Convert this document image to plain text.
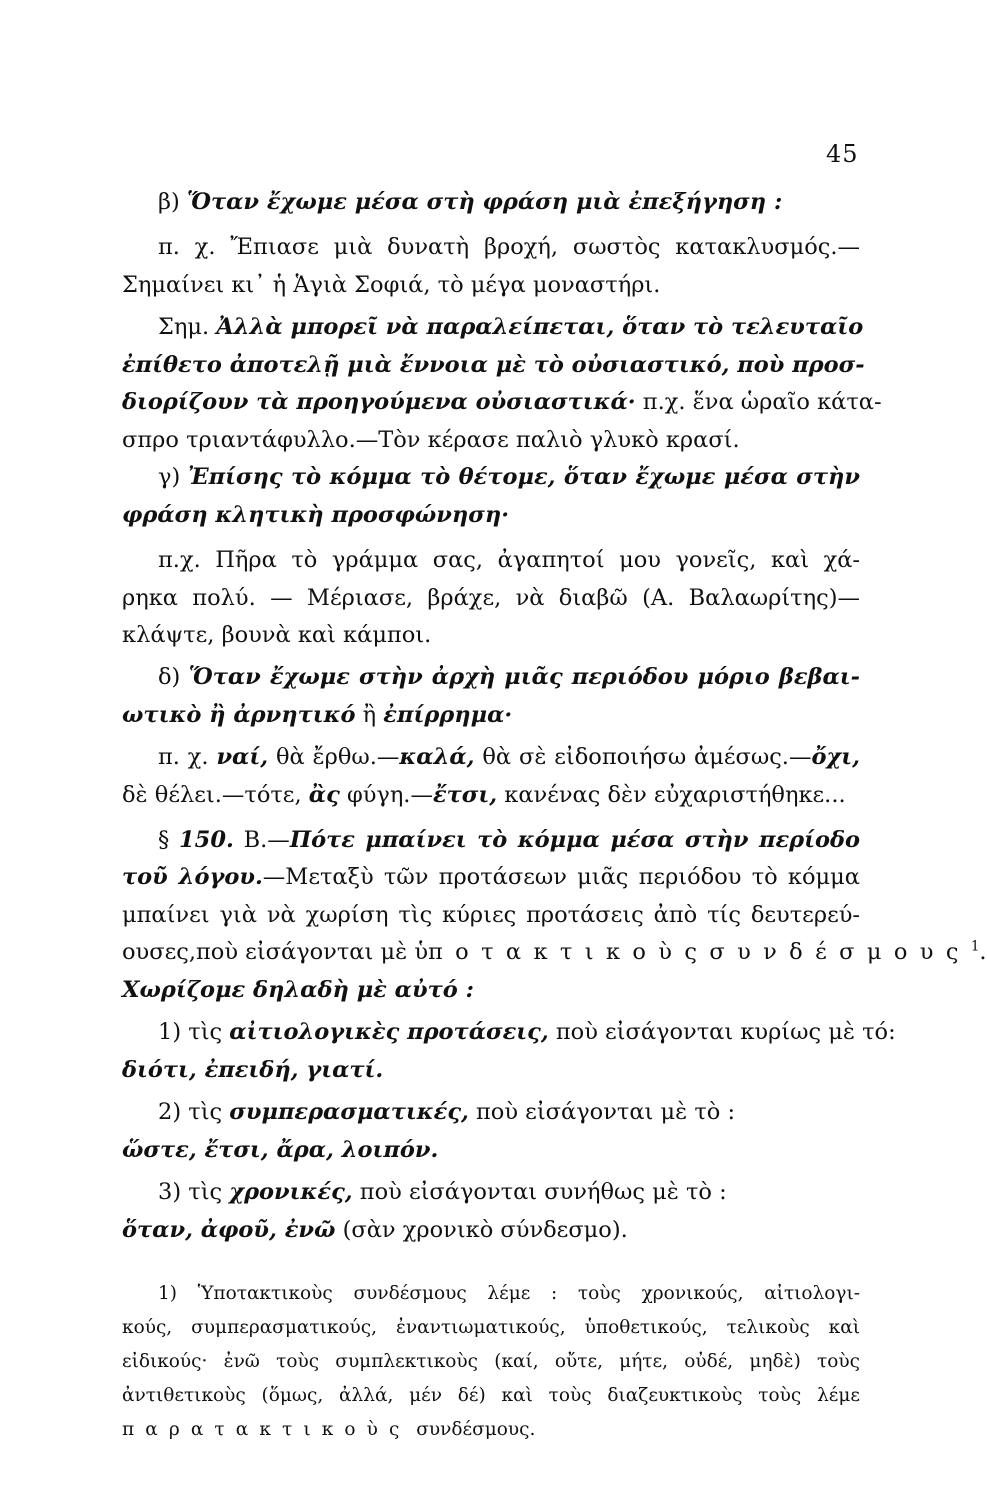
45
β) Ὅταν ἔχωμε μέσα στὴ φράση μιὰ ἐπεξήγηση :
π. χ. Ἔπιασε μιὰ δυνατὴ βροχή, σωστὸς κατακλυσμός.—
Σημαίνει κι᾿ ἡ Ἁγιὰ Σοφιά, τὸ μέγα μοναστήρι.
Σημ. Ἀλλὰ μπορεῖ νὰ παραλείπεται, ὅταν τὸ τελευταῖο
ἐπίθετο ἀποτελῇ μιὰ ἔννοια μὲ τὸ οὐσιαστικό, ποὺ προσ-
διορίζουν τὰ προηγούμενα οὐσιαστικά· π.χ. ἕνα ὡραῖο κάτα-
σπρο τριαντάφυλλο.—Τὸν κέρασε παλιὸ γλυκὸ κρασί.
γ) Ἐπίσης τὸ κόμμα τὸ θέτομε, ὅταν ἔχωμε μέσα στὴν
φράση κλητικὴ προσφώνηση·
π.χ. Πῆρα τὸ γράμμα σας, ἀγαπητοί μου γονεῖς, καὶ χά-
ρηκα πολύ. — Μέριασε, βράχε, νὰ διαβῶ (Α. Βαλαωρίτης)—
κλάψτε, βουνὰ καὶ κάμποι.
δ) Ὅταν ἔχωμε στὴν ἀρχὴ μιᾶς περιόδου μόριο βεβαι-
ωτικὸ ἢ ἀρνητικό ἢ ἐπίρρημα·
π. χ. ναί, θὰ ἔρθω.—καλά, θὰ σὲ εἰδοποιήσω ἀμέσως.—ὄχι,
δὲ θέλει.—τότε, ἂς φύγη.—ἔτσι, κανένας δὲν εὐχαριστήθηκε...
§ 150. Β.—Πότε μπαίνει τὸ κόμμα μέσα στὴν περίοδο
τοῦ λόγου.—Μεταξὺ τῶν προτάσεων μιᾶς περιόδου τὸ κόμμα
μπαίνει γιὰ νὰ χωρίση τὶς κύριες προτάσεις ἀπὸ τίς δευτερεύ-
ουσες,ποὺ εἰσάγονται μὲ ὑποτακτικοὺςσυνδέσμους$^1$.
Χωρίζομε δηλαδὴ μὲ αὐτό :
1) τὶς αἰτιολογικὲς προτάσεις, ποὺ εἰσάγονται κυρίως μὲ τό:
διότι, ἐπειδή, γιατί.
2) τὶς συμπερασματικές, ποὺ εἰσάγονται μὲ τὸ :
ὥστε, ἔτσι, ἄρα, λοιπόν.
3) τὶς χρονικές, ποὺ εἰσάγονται συνήθως μὲ τὸ :
ὅταν, ἀφοῦ, ἐνῶ (σὰν χρονικὸ σύνδεσμο).
1) Ὑποτακτικοὺς συνδέσμους λέμε : τοὺς χρονικούς, αἰτιολογι-
κούς, συμπερασματικούς, ἐναντιωματικούς, ὑποθετικούς, τελικοὺς καὶ
εἰδικούς· ἐνῶ τοὺς συμπλεκτικοὺς (καί, οὔτε, μήτε, οὐδέ, μηδὲ) τοὺς
ἀντιθετικοὺς (ὅμως, ἀλλά, μέν δέ) καὶ τοὺς διαζευκτικοὺς τοὺς λέμε
παρατακτικοὺς συνδέσμους.
